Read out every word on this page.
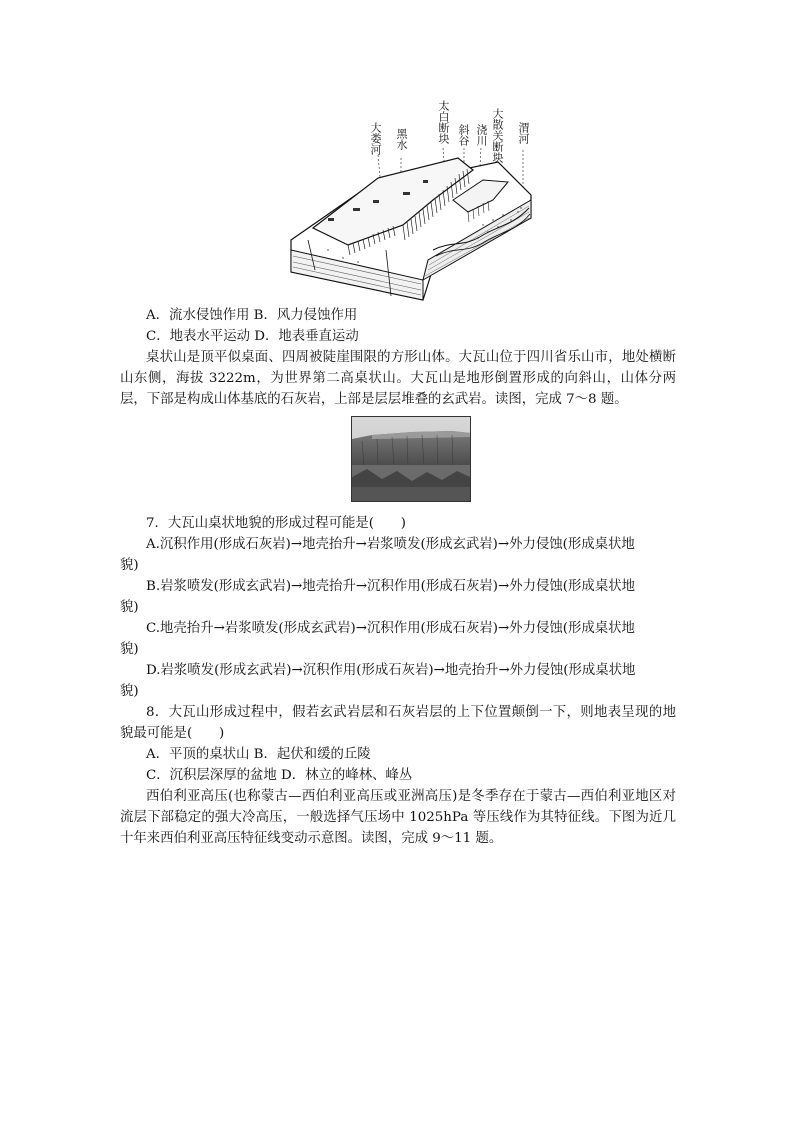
大娄河 黑水	太白断块 斜谷 浇川 大散关断块 渭河
A．流水侵蚀作用 B．风力侵蚀作用
C．地表水平运动 D．地表垂直运动
桌状山是顶平似桌面、四周被陡崖围限的方形山体。大瓦山位于四川省乐山市，地处横断山东侧，海拔 3222m，为世界第二高桌状山。大瓦山是地形倒置形成的向斜山，山体分两层，下部是构成山体基底的石灰岩，上部是层层堆叠的玄武岩。读图，完成 7～8 题。
7．大瓦山桌状地貌的形成过程可能是(　　)
A.沉积作用(形成石灰岩)→地壳抬升→岩浆喷发(形成玄武岩)→外力侵蚀(形成桌状地
貌)
B.岩浆喷发(形成玄武岩)→地壳抬升→沉积作用(形成石灰岩)→外力侵蚀(形成桌状地
貌)
C.地壳抬升→岩浆喷发(形成玄武岩)→沉积作用(形成石灰岩)→外力侵蚀(形成桌状地
貌)
D.岩浆喷发(形成玄武岩)→沉积作用(形成石灰岩)→地壳抬升→外力侵蚀(形成桌状地
貌)
8．大瓦山形成过程中，假若玄武岩层和石灰岩层的上下位置颠倒一下，则地表呈现的地貌最可能是(　　)
A．平顶的桌状山 B．起伏和缓的丘陵
C．沉积层深厚的盆地 D．林立的峰林、峰丛
西伯利亚高压(也称蒙古—西伯利亚高压或亚洲高压)是冬季存在于蒙古—西伯利亚地区对流层下部稳定的强大冷高压，一般选择气压场中 1025hPa 等压线作为其特征线。下图为近几十年来西伯利亚高压特征线变动示意图。读图，完成 9～11 题。
